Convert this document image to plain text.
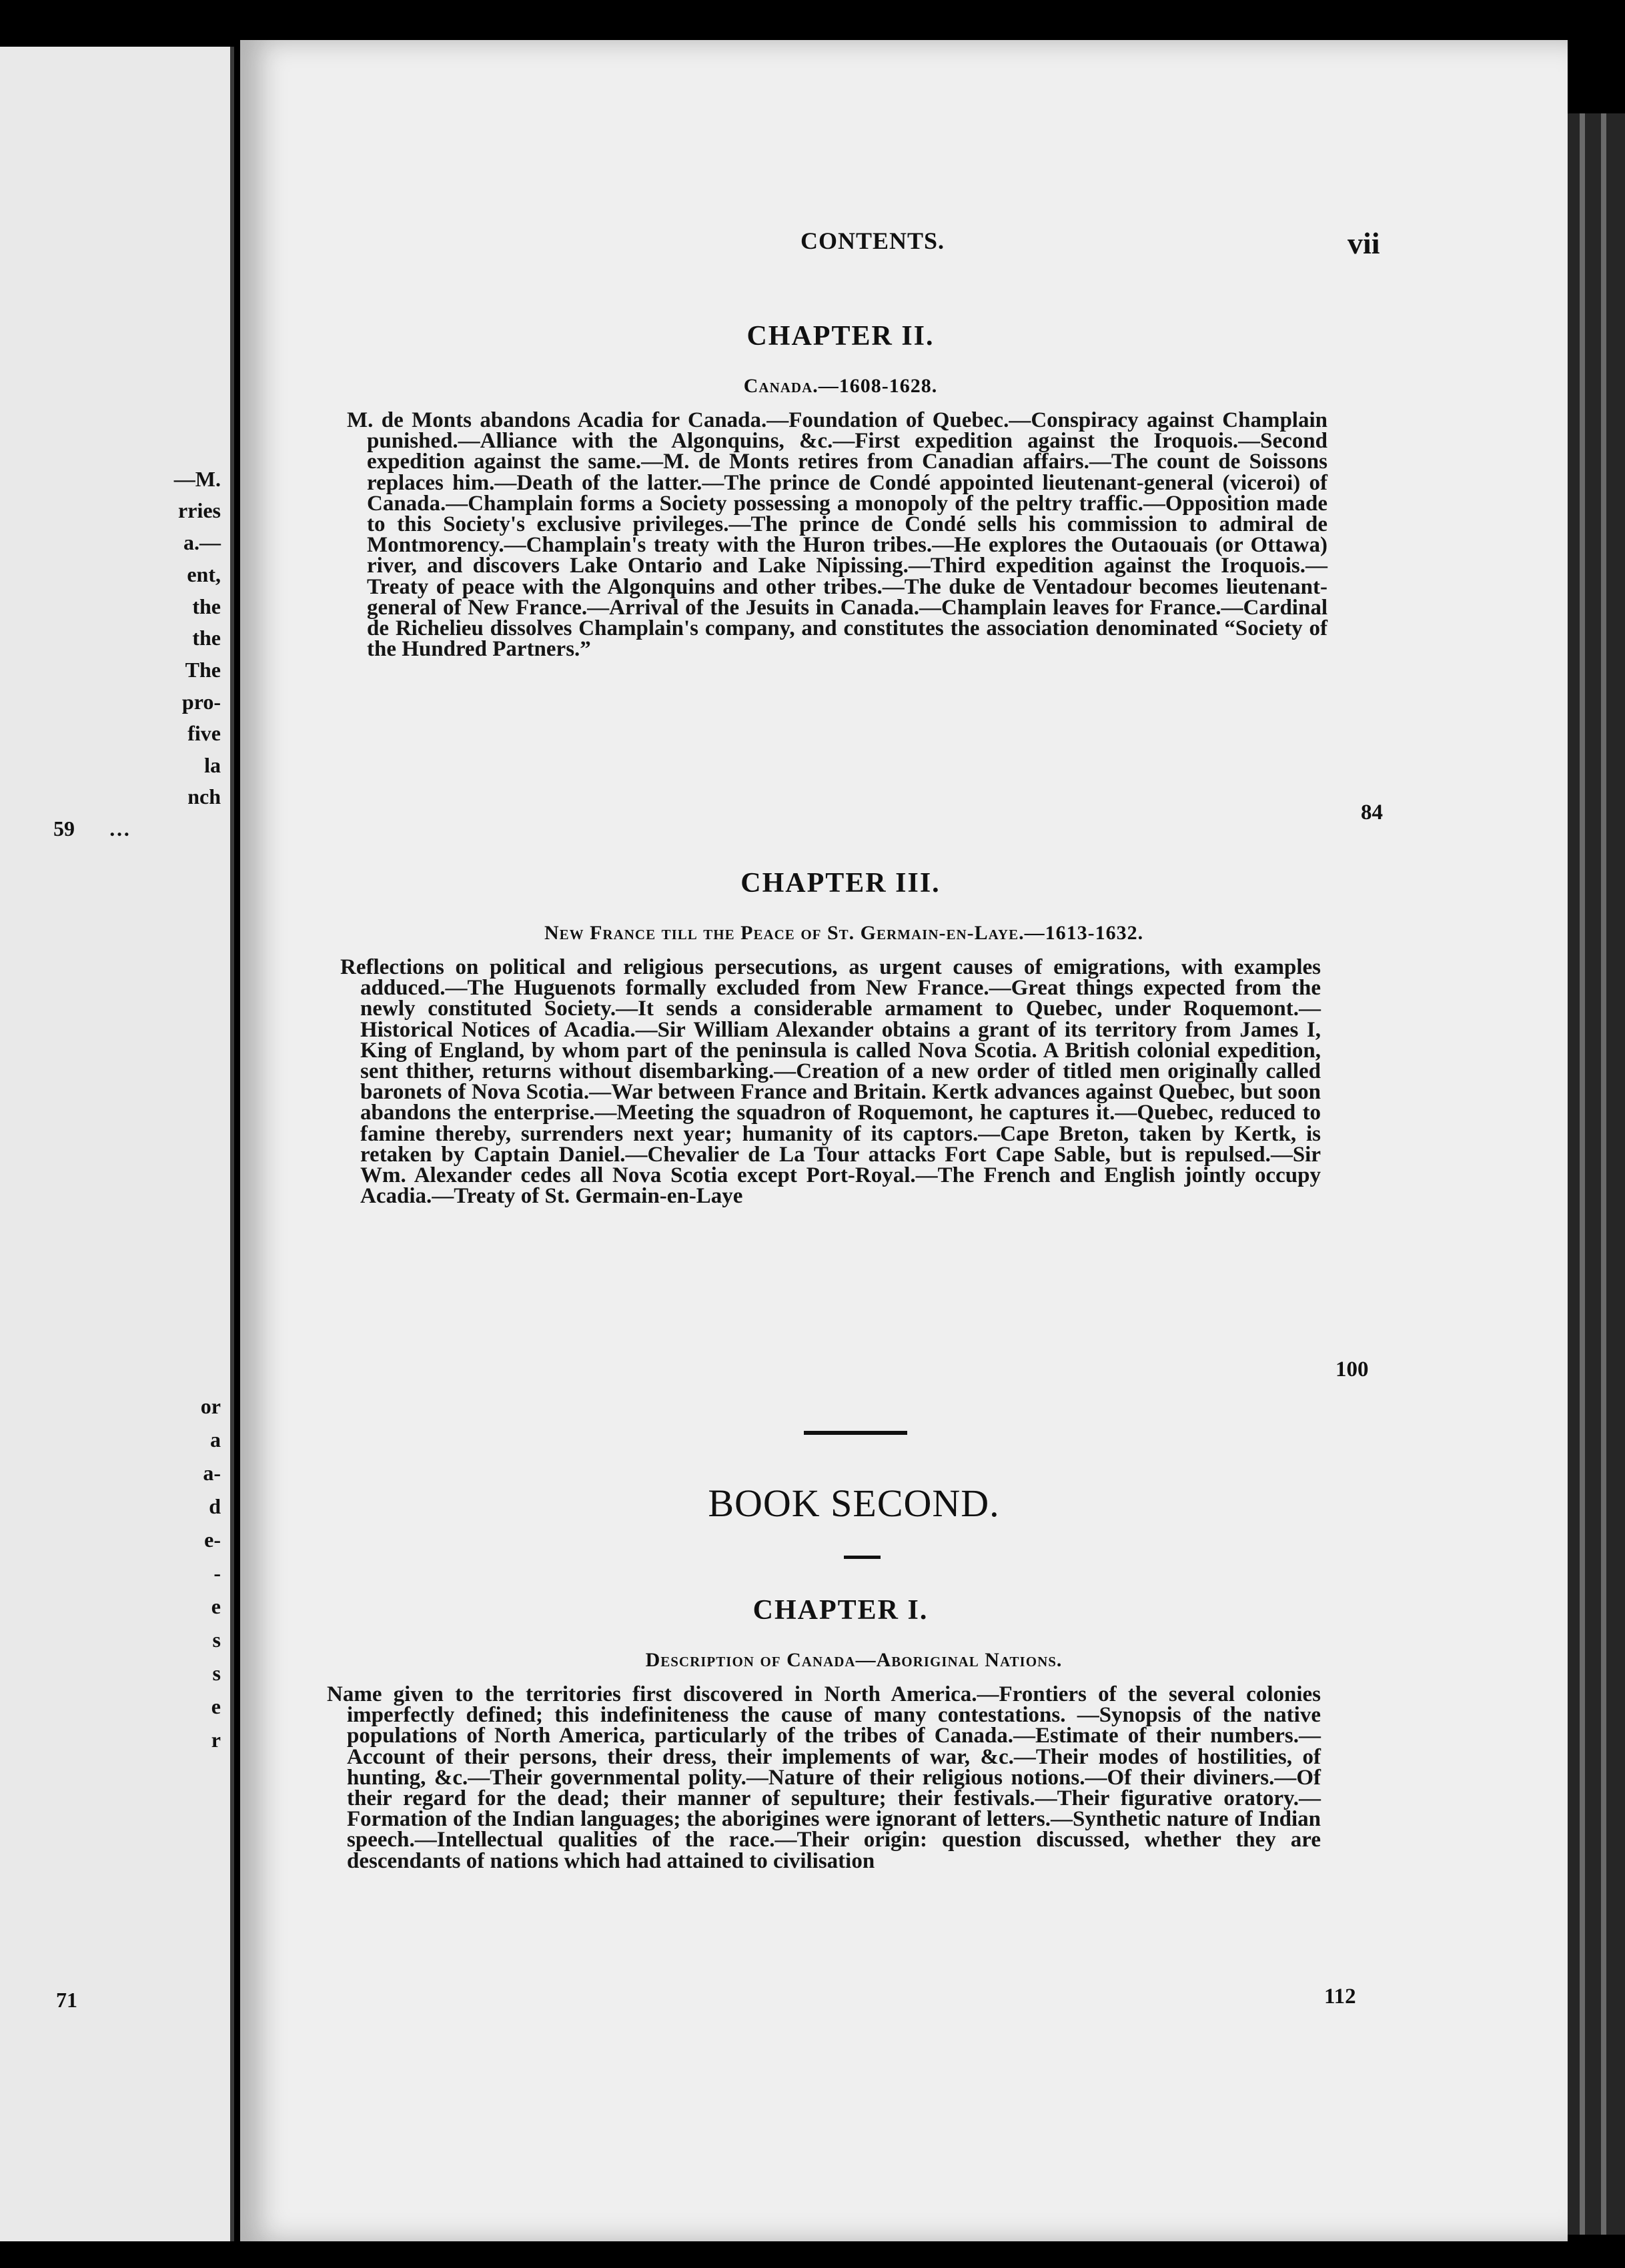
—M.
rries
a.—
ent,
the
the
The
pro-
five
la
nch
…
59
or
a
a-
d
e-
-
e
s
s
e
r
71
CONTENTS.	vii
CHAPTER II.
Canada.—1608-1628.
M. de Monts abandons Acadia for Canada.—Foundation of Quebec.—Conspiracy against Champlain punished.—Alliance with the Algonquins, &c.—First expedition against the Iroquois.—Second expedition against the same.—M. de Monts retires from Canadian affairs.—The count de Soissons replaces him.—Death of the latter.—The prince de Condé appointed lieutenant-general (viceroi) of Canada.—Champlain forms a Society possessing a monopoly of the peltry traffic.—Opposition made to this Society's exclusive privileges.—The prince de Condé sells his commission to admiral de Montmorency.—Champlain's treaty with the Huron tribes.—He explores the Outaouais (or Ottawa) river, and discovers Lake Ontario and Lake Nipissing.—Third expedition against the Iroquois.—Treaty of peace with the Algonquins and other tribes.—The duke de Ventadour becomes lieutenant-general of New France.—Arrival of the Jesuits in Canada.—Champlain leaves for France.—Cardinal de Richelieu dissolves Champlain's company, and constitutes the association denominated “Society of the Hundred Partners.”
84
CHAPTER III.
New France till the Peace of St. Germain-en-Laye.—1613-1632.
Reflections on political and religious persecutions, as urgent causes of emigrations, with examples adduced.—The Huguenots formally excluded from New France.—Great things expected from the newly constituted Society.—It sends a considerable armament to Quebec, under Roquemont.—Historical Notices of Acadia.—Sir William Alexander obtains a grant of its territory from James I, King of England, by whom part of the peninsula is called Nova Scotia. A British colonial expedition, sent thither, returns without disembarking.—Creation of a new order of titled men originally called baronets of Nova Scotia.—War between France and Britain. Kertk advances against Quebec, but soon abandons the enterprise.—Meeting the squadron of Roquemont, he captures it.—Quebec, reduced to famine thereby, surrenders next year; humanity of its captors.—Cape Breton, taken by Kertk, is retaken by Captain Daniel.—Chevalier de La Tour attacks Fort Cape Sable, but is repulsed.—Sir Wm. Alexander cedes all Nova Scotia except Port-Royal.—The French and English jointly occupy Acadia.—Treaty of St. Germain-en-Laye
100
BOOK SECOND.
CHAPTER I.
Description of Canada—Aboriginal Nations.
Name given to the territories first discovered in North America.—Frontiers of the several colonies imperfectly defined; this indefiniteness the cause of many contestations. —Synopsis of the native populations of North America, particularly of the tribes of Canada.—Estimate of their numbers.—Account of their persons, their dress, their implements of war, &c.—Their modes of hostilities, of hunting, &c.—Their governmental polity.—Nature of their religious notions.—Of their diviners.—Of their regard for the dead; their manner of sepulture; their festivals.—Their figurative oratory.—Formation of the Indian languages; the aborigines were ignorant of letters.—Synthetic nature of Indian speech.—Intellectual qualities of the race.—Their origin: question discussed, whether they are descendants of nations which had attained to civilisation
112
